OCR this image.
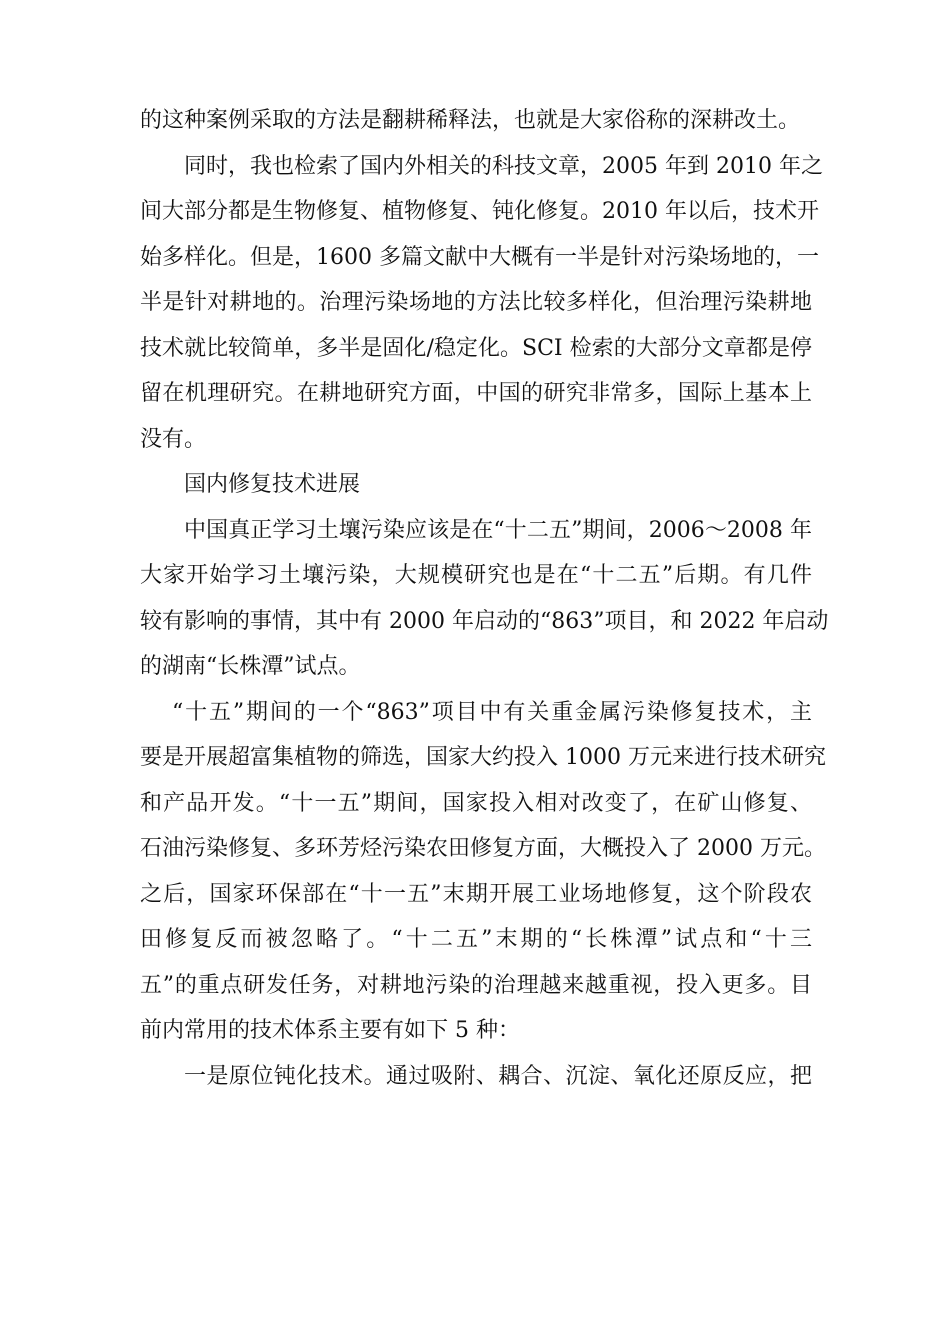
的这种案例采取的方法是翻耕稀释法，也就是大家俗称的深耕改土。
同时，我也检索了国内外相关的科技文章，2005 年到 2010 年之
间大部分都是生物修复、植物修复、钝化修复。2010 年以后，技术开
始多样化。但是，1600 多篇文献中大概有一半是针对污染场地的，一
半是针对耕地的。治理污染场地的方法比较多样化，但治理污染耕地
技术就比较简单，多半是固化/稳定化。SCI 检索的大部分文章都是停
留在机理研究。在耕地研究方面，中国的研究非常多，国际上基本上
没有。
国内修复技术进展
中国真正学习土壤污染应该是在“十二五”期间，2006～2008 年
大家开始学习土壤污染，大规模研究也是在“十二五”后期。有几件
较有影响的事情，其中有 2000 年启动的“863”项目，和 2022 年启动
的湖南“长株潭”试点。
“十五”期间的一个“863”项目中有关重金属污染修复技术，主
要是开展超富集植物的筛选，国家大约投入 1000 万元来进行技术研究
和产品开发。“十一五”期间，国家投入相对改变了，在矿山修复、
石油污染修复、多环芳烃污染农田修复方面，大概投入了 2000 万元。
之后，国家环保部在“十一五”末期开展工业场地修复，这个阶段农
田修复反而被忽略了。“十二五”末期的“长株潭”试点和“十三
五”的重点研发任务，对耕地污染的治理越来越重视，投入更多。目
前内常用的技术体系主要有如下 5 种：
一是原位钝化技术。通过吸附、耦合、沉淀、氧化还原反应，把
